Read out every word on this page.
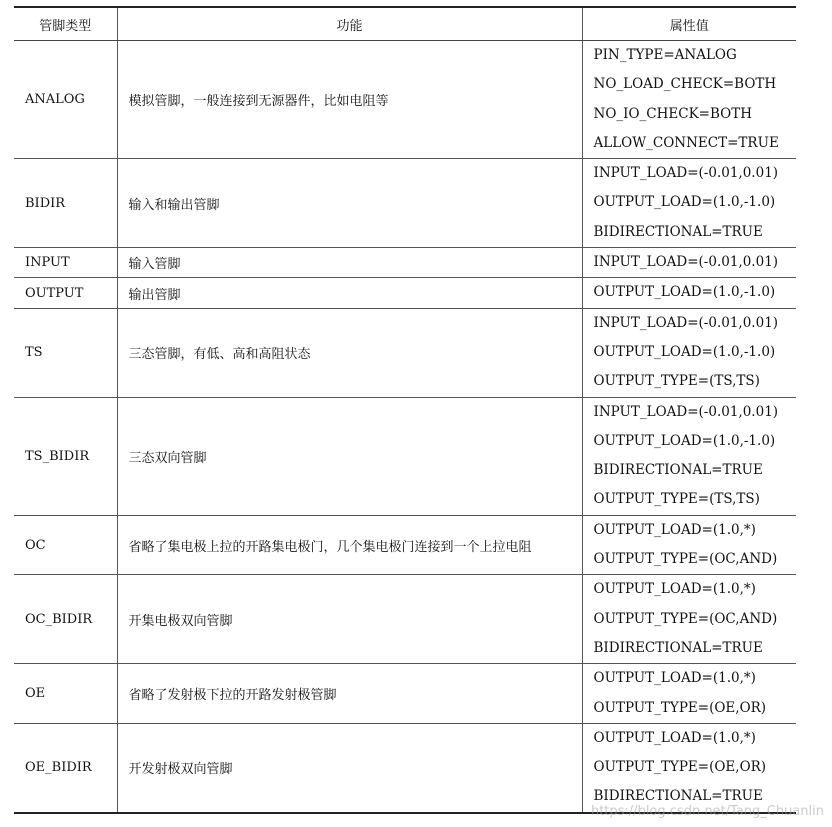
管脚类型	功能	属性值
ANALOG	模拟管脚，一般连接到无源器件，比如电阻等	PIN_TYPE=ANALOG
NO_LOAD_CHECK=BOTH
NO_IO_CHECK=BOTH
ALLOW_CONNECT=TRUE

BIDIR	输入和输出管脚	INPUT_LOAD=(-0.01,0.01)
OUTPUT_LOAD=(1.0,-1.0)
BIDIRECTIONAL=TRUE

INPUT	输入管脚	INPUT_LOAD=(-0.01,0.01)

OUTPUT	输出管脚	OUTPUT_LOAD=(1.0,-1.0)

TS	三态管脚，有低、高和高阻状态	INPUT_LOAD=(-0.01,0.01)
OUTPUT_LOAD=(1.0,-1.0)
OUTPUT_TYPE=(TS,TS)

TS_BIDIR	三态双向管脚	INPUT_LOAD=(-0.01,0.01)
OUTPUT_LOAD=(1.0,-1.0)
BIDIRECTIONAL=TRUE
OUTPUT_TYPE=(TS,TS)

OC	省略了集电极上拉的开路集电极门，几个集电极门连接到一个上拉电阻	OUTPUT_LOAD=(1.0,*)
OUTPUT_TYPE=(OC,AND)

OC_BIDIR	开集电极双向管脚	OUTPUT_LOAD=(1.0,*)
OUTPUT_TYPE=(OC,AND)
BIDIRECTIONAL=TRUE

OE	省略了发射极下拉的开路发射极管脚	OUTPUT_LOAD=(1.0,*)
OUTPUT_TYPE=(OE,OR)

OE_BIDIR	开发射极双向管脚	OUTPUT_LOAD=(1.0,*)
OUTPUT_TYPE=(OE,OR)
BIDIRECTIONAL=TRUE
https://blog.csdn.net/Tang_Chuanlin
